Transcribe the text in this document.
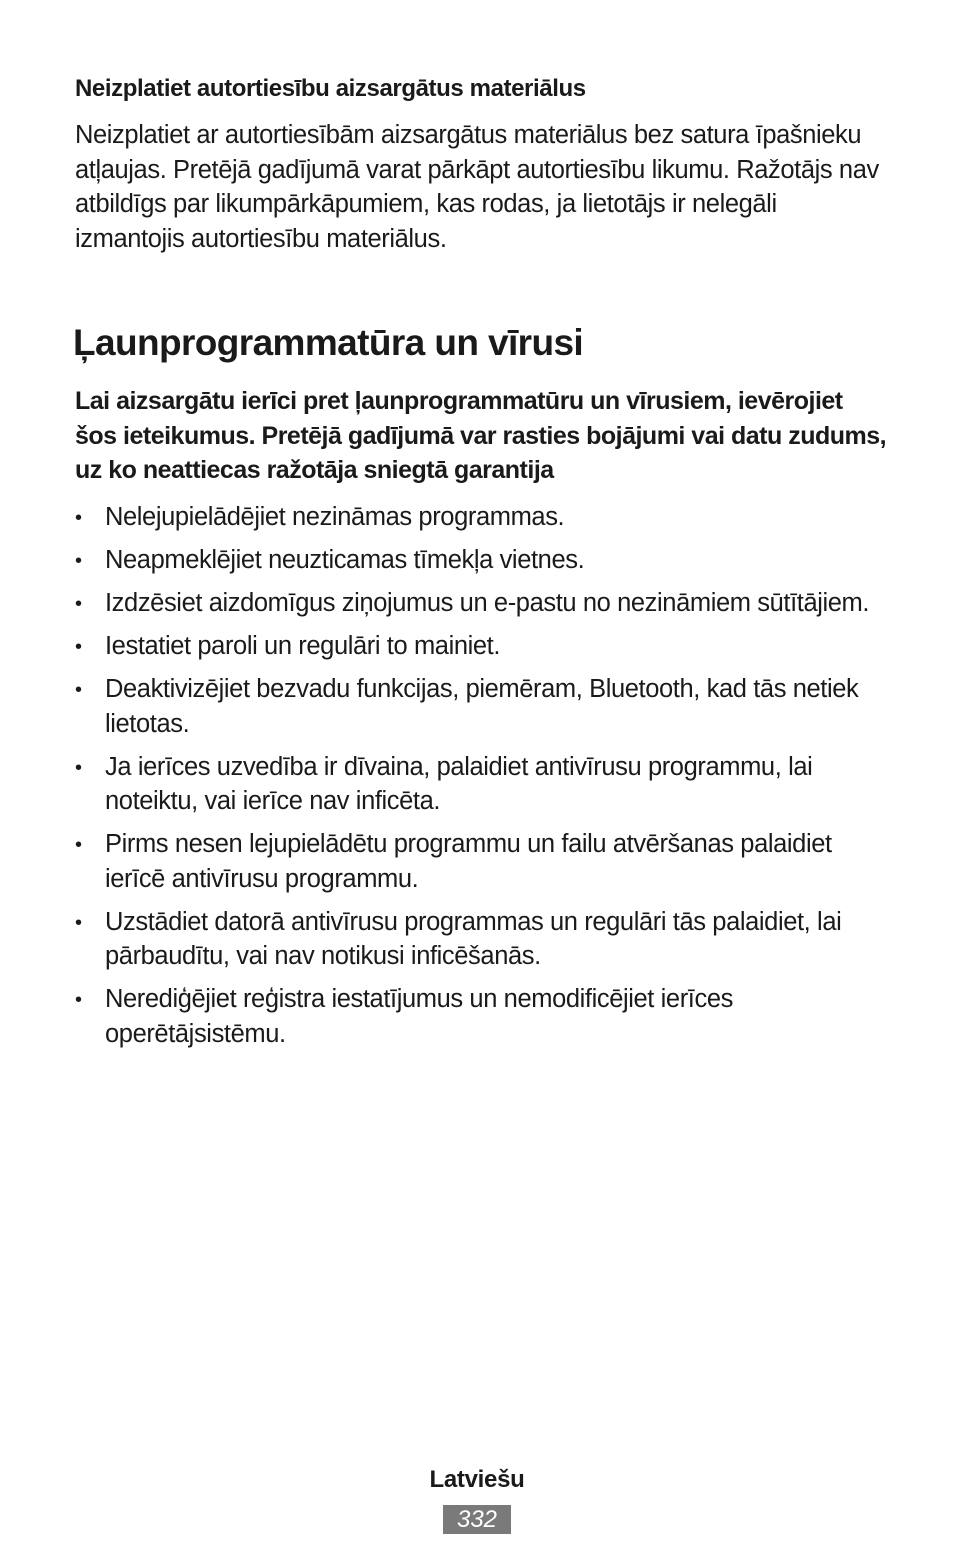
Neizplatiet autortiesību aizsargātus materiālus

Neizplatiet ar autortiesībām aizsargātus materiālus bez satura īpašnieku atļaujas. Pretējā gadījumā varat pārkāpt autortiesību likumu. Ražotājs nav atbildīgs par likumpārkāpumiem, kas rodas, ja lietotājs ir nelegāli izmantojis autortiesību materiālus.

Ļaunprogrammatūra un vīrusi

Lai aizsargātu ierīci pret ļaunprogrammatūru un vīrusiem, ievērojiet šos ieteikumus. Pretējā gadījumā var rasties bojājumi vai datu zudums, uz ko neattiecas ražotāja sniegtā garantija

• Nelejupielādējiet nezināmas programmas.
• Neapmeklējiet neuzticamas tīmekļa vietnes.
• Izdzēsiet aizdomīgus ziņojumus un e-pastu no nezināmiem sūtītājiem.
• Iestatiet paroli un regulāri to mainiet.
• Deaktivizējiet bezvadu funkcijas, piemēram, Bluetooth, kad tās netiek lietotas.
• Ja ierīces uzvedība ir dīvaina, palaidiet antivīrusu programmu, lai noteiktu, vai ierīce nav inficēta.
• Pirms nesen lejupielādētu programmu un failu atvēršanas palaidiet ierīcē antivīrusu programmu.
• Uzstādiet datorā antivīrusu programmas un regulāri tās palaidiet, lai pārbaudītu, vai nav notikusi inficēšanās.
• Nerediģējiet reģistra iestatījumus un nemodificējiet ierīces operētājsistēmu.
Latviešu
332
